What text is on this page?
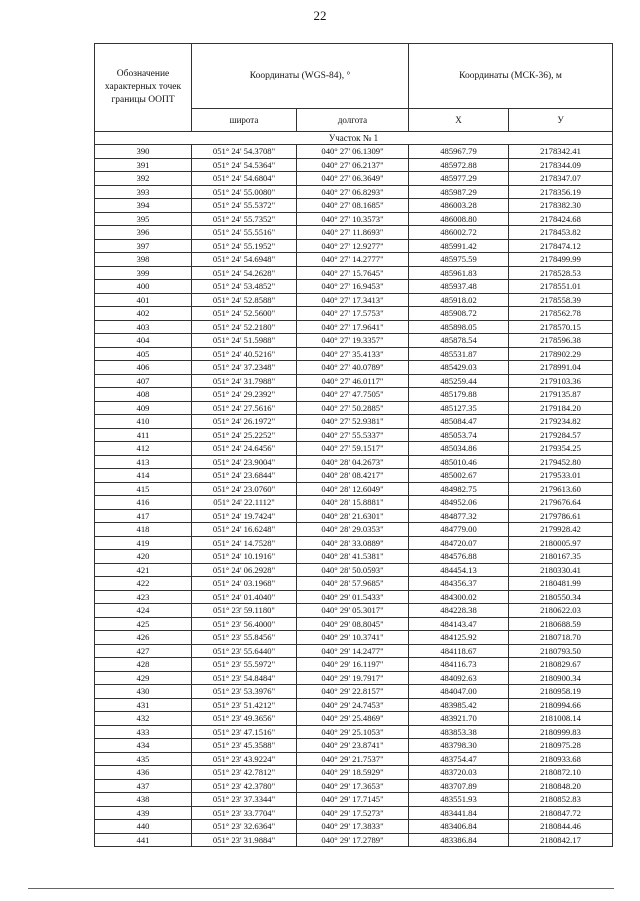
22
Обозначение характерных точек границы ООПТ	Координаты (WGS-84), °		Координаты (МСК-36), м	
	широта	долгота	X	У
Участок № 1				
390	051° 24' 54.3708"	040° 27' 06.1309"	485967.79	2178342.41
391	051° 24' 54.5364"	040° 27' 06.2137"	485972.88	2178344.09
392	051° 24' 54.6804"	040° 27' 06.3649"	485977.29	2178347.07
393	051° 24' 55.0080"	040° 27' 06.8293"	485987.29	2178356.19
394	051° 24' 55.5372"	040° 27' 08.1685"	486003.28	2178382.30
395	051° 24' 55.7352"	040° 27' 10.3573"	486008.80	2178424.68
396	051° 24' 55.5516"	040° 27' 11.8693"	486002.72	2178453.82
397	051° 24' 55.1952"	040° 27' 12.9277"	485991.42	2178474.12
398	051° 24' 54.6948"	040° 27' 14.2777"	485975.59	2178499.99
399	051° 24' 54.2628"	040° 27' 15.7645"	485961.83	2178528.53
400	051° 24' 53.4852"	040° 27' 16.9453"	485937.48	2178551.01
401	051° 24' 52.8588"	040° 27' 17.3413"	485918.02	2178558.39
402	051° 24' 52.5600"	040° 27' 17.5753"	485908.72	2178562.78
403	051° 24' 52.2180"	040° 27' 17.9641"	485898.05	2178570.15
404	051° 24' 51.5988"	040° 27' 19.3357"	485878.54	2178596.38
405	051° 24' 40.5216"	040° 27' 35.4133"	485531.87	2178902.29
406	051° 24' 37.2348"	040° 27' 40.0789"	485429.03	2178991.04
407	051° 24' 31.7988"	040° 27' 46.0117"	485259.44	2179103.36
408	051° 24' 29.2392"	040° 27' 47.7505"	485179.88	2179135.87
409	051° 24' 27.5616"	040° 27' 50.2885"	485127.35	2179184.20
410	051° 24' 26.1972"	040° 27' 52.9381"	485084.47	2179234.82
411	051° 24' 25.2252"	040° 27' 55.5337"	485053.74	2179284.57
412	051° 24' 24.6456"	040° 27' 59.1517"	485034.86	2179354.25
413	051° 24' 23.9004"	040° 28' 04.2673"	485010.46	2179452.80
414	051° 24' 23.6844"	040° 28' 08.4217"	485002.67	2179533.01
415	051° 24' 23.0760"	040° 28' 12.6049"	484982.75	2179613.60
416	051° 24' 22.1112"	040° 28' 15.8881"	484952.06	2179676.64
417	051° 24' 19.7424"	040° 28' 21.6301"	484877.32	2179786.61
418	051° 24' 16.6248"	040° 28' 29.0353"	484779.00	2179928.42
419	051° 24' 14.7528"	040° 28' 33.0889"	484720.07	2180005.97
420	051° 24' 10.1916"	040° 28' 41.5381"	484576.88	2180167.35
421	051° 24' 06.2928"	040° 28' 50.0593"	484454.13	2180330.41
422	051° 24' 03.1968"	040° 28' 57.9685"	484356.37	2180481.99
423	051° 24' 01.4040"	040° 29' 01.5433"	484300.02	2180550.34
424	051° 23' 59.1180"	040° 29' 05.3017"	484228.38	2180622.03
425	051° 23' 56.4000"	040° 29' 08.8045"	484143.47	2180688.59
426	051° 23' 55.8456"	040° 29' 10.3741"	484125.92	2180718.70
427	051° 23' 55.6440"	040° 29' 14.2477"	484118.67	2180793.50
428	051° 23' 55.5972"	040° 29' 16.1197"	484116.73	2180829.67
429	051° 23' 54.8484"	040° 29' 19.7917"	484092.63	2180900.34
430	051° 23' 53.3976"	040° 29' 22.8157"	484047.00	2180958.19
431	051° 23' 51.4212"	040° 29' 24.7453"	483985.42	2180994.66
432	051° 23' 49.3656"	040° 29' 25.4869"	483921.70	2181008.14
433	051° 23' 47.1516"	040° 29' 25.1053"	483853.38	2180999.83
434	051° 23' 45.3588"	040° 29' 23.8741"	483798.30	2180975.28
435	051° 23' 43.9224"	040° 29' 21.7537"	483754.47	2180933.68
436	051° 23' 42.7812"	040° 29' 18.5929"	483720.03	2180872.10
437	051° 23' 42.3780"	040° 29' 17.3653"	483707.89	2180848.20
438	051° 23' 37.3344"	040° 29' 17.7145"	483551.93	2180852.83
439	051° 23' 33.7704"	040° 29' 17.5273"	483441.84	2180847.72
440	051° 23' 32.6364"	040° 29' 17.3833"	483406.84	2180844.46
441	051° 23' 31.9884"	040° 29' 17.2789"	483386.84	2180842.17
